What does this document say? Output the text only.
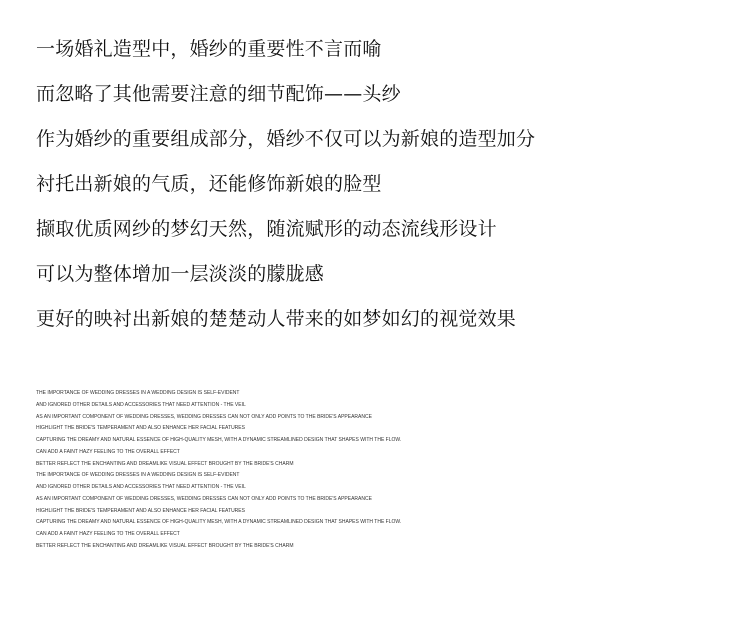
一场婚礼造型中，婚纱的重要性不言而喻
而忽略了其他需要注意的细节配饰——头纱
作为婚纱的重要组成部分，婚纱不仅可以为新娘的造型加分
衬托出新娘的气质，还能修饰新娘的脸型
撷取优质网纱的梦幻天然，随流赋形的动态流线形设计
可以为整体增加一层淡淡的朦胧感
更好的映衬出新娘的楚楚动人带来的如梦如幻的视觉效果
THE IMPORTANCE OF WEDDING DRESSES IN A WEDDING DESIGN IS SELF-EVIDENT
AND IGNORED OTHER DETAILS AND ACCESSORIES THAT NEED ATTENTION - THE VEIL
AS AN IMPORTANT COMPONENT OF WEDDING DRESSES, WEDDING DRESSES CAN NOT ONLY ADD POINTS TO THE BRIDE'S APPEARANCE
HIGHLIGHT THE BRIDE'S TEMPERAMENT AND ALSO ENHANCE HER FACIAL FEATURES
CAPTURING THE DREAMY AND NATURAL ESSENCE OF HIGH-QUALITY MESH, WITH A DYNAMIC STREAMLINED DESIGN THAT SHAPES WITH THE FLOW.
CAN ADD A FAINT HAZY FEELING TO THE OVERALL EFFECT
BETTER REFLECT THE ENCHANTING AND DREAMLIKE VISUAL EFFECT BROUGHT BY THE BRIDE'S CHARM
THE IMPORTANCE OF WEDDING DRESSES IN A WEDDING DESIGN IS SELF-EVIDENT
AND IGNORED OTHER DETAILS AND ACCESSORIES THAT NEED ATTENTION - THE VEIL
AS AN IMPORTANT COMPONENT OF WEDDING DRESSES, WEDDING DRESSES CAN NOT ONLY ADD POINTS TO THE BRIDE'S APPEARANCE
HIGHLIGHT THE BRIDE'S TEMPERAMENT AND ALSO ENHANCE HER FACIAL FEATURES
CAPTURING THE DREAMY AND NATURAL ESSENCE OF HIGH-QUALITY MESH, WITH A DYNAMIC STREAMLINED DESIGN THAT SHAPES WITH THE FLOW.
CAN ADD A FAINT HAZY FEELING TO THE OVERALL EFFECT
BETTER REFLECT THE ENCHANTING AND DREAMLIKE VISUAL EFFECT BROUGHT BY THE BRIDE'S CHARM
